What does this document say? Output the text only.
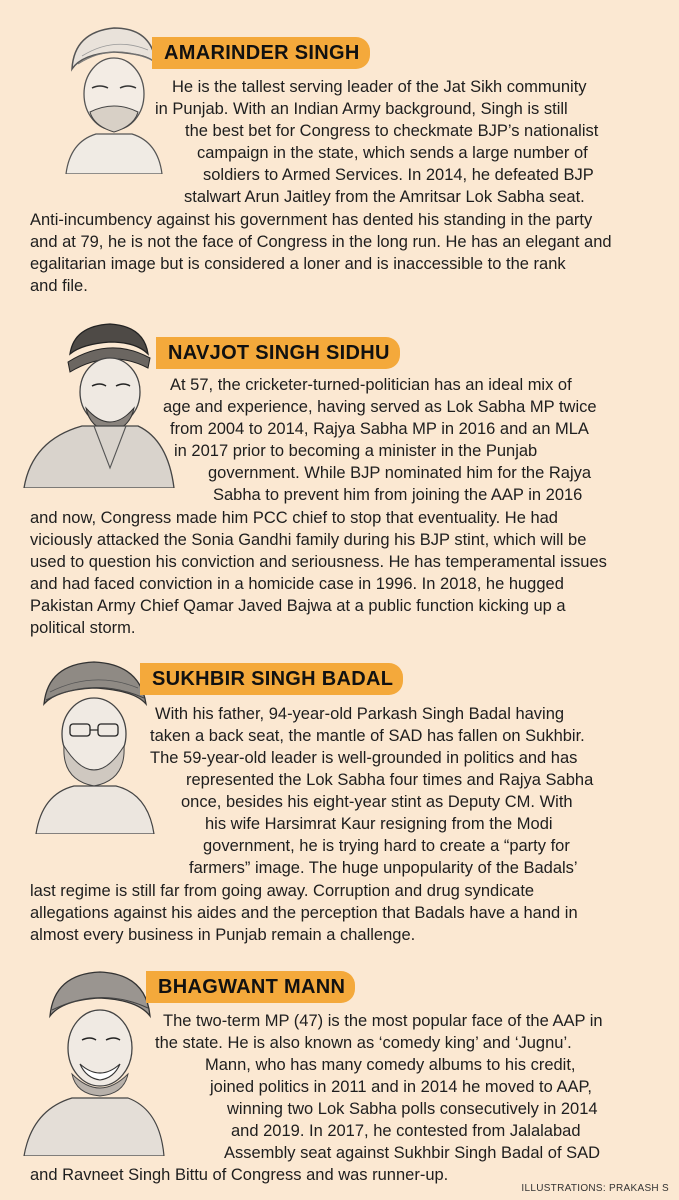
AMARINDER SINGH
He is the tallest serving leader of the Jat Sikh community
in Punjab. With an Indian Army background, Singh is still
the best bet for Congress to checkmate BJP’s nationalist
campaign in the state, which sends a large number of
soldiers to Armed Services. In 2014, he defeated BJP
stalwart Arun Jaitley from the Amritsar Lok Sabha seat.
Anti-incumbency against his government has dented his standing in the party
and at 79, he is not the face of Congress in the long run. He has an elegant and
egalitarian image but is considered a loner and is inaccessible to the rank
and file.
NAVJOT SINGH SIDHU
At 57, the cricketer-turned-politician has an ideal mix of
age and experience, having served as Lok Sabha MP twice
from 2004 to 2014, Rajya Sabha MP in 2016 and an MLA
in 2017 prior to becoming a minister in the Punjab
government. While BJP nominated him for the Rajya
Sabha to prevent him from joining the AAP in 2016
and now, Congress made him PCC chief to stop that eventuality. He had
viciously attacked the Sonia Gandhi family during his BJP stint, which will be
used to question his conviction and seriousness. He has temperamental issues
and had faced conviction in a homicide case in 1996. In 2018, he hugged
Pakistan Army Chief Qamar Javed Bajwa at a public function kicking up a
political storm.
SUKHBIR SINGH BADAL
With his father, 94-year-old Parkash Singh Badal having
taken a back seat, the mantle of SAD has fallen on Sukhbir.
The 59-year-old leader is well-grounded in politics and has
represented the Lok Sabha four times and Rajya Sabha
once, besides his eight-year stint as Deputy CM. With
his wife Harsimrat Kaur resigning from the Modi
government, he is trying hard to create a “party for
farmers” image. The huge unpopularity of the Badals’
last regime is still far from going away. Corruption and drug syndicate
allegations against his aides and the perception that Badals have a hand in
almost every business in Punjab remain a challenge.
BHAGWANT MANN
The two-term MP (47) is the most popular face of the AAP in
the state. He is also known as ‘comedy king’ and ‘Jugnu’.
Mann, who has many comedy albums to his credit,
joined politics in 2011 and in 2014 he moved to AAP,
winning two Lok Sabha polls consecutively in 2014
and 2019. In 2017, he contested from Jalalabad
Assembly seat against Sukhbir Singh Badal of SAD
and Ravneet Singh Bittu of Congress and was runner-up.
ILLUSTRATIONS: PRAKASH S
